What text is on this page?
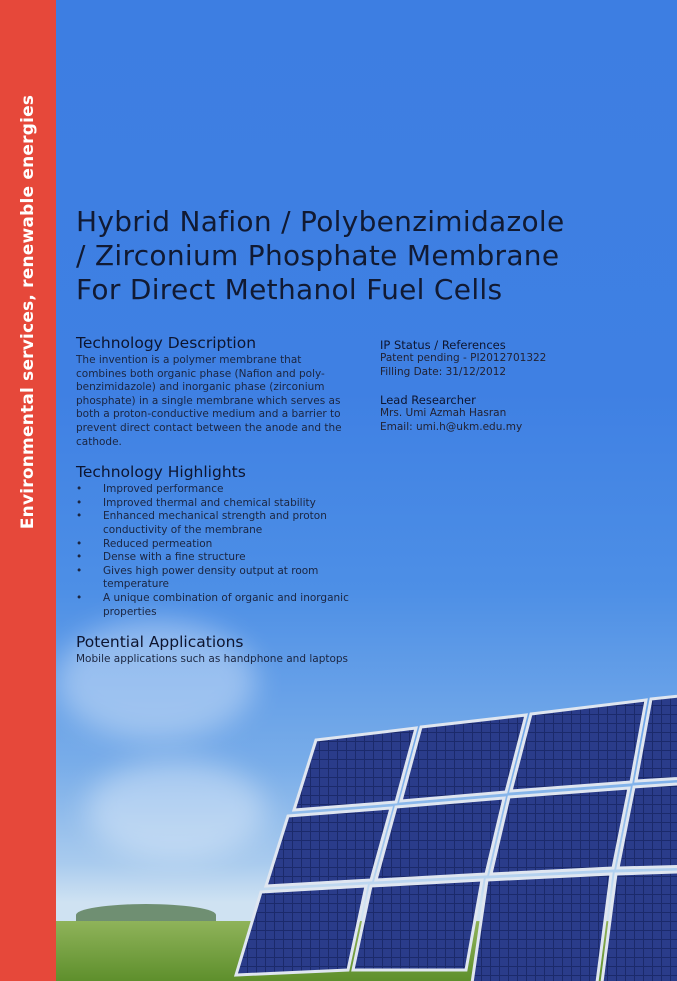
Environmental services, renewable energies Hybrid Nafion / Polybenzimidazole / Zirconium Phosphate Membrane For Direct Methanol Fuel Cells
Technology Description
The invention is a polymer membrane that combines both organic phase (Nafion and poly-benzimidazole) and inorganic phase (zirconium phosphate) in a single membrane which serves as both a proton-conductive medium and a barrier to prevent direct contact between the anode and the cathode.
Technology Highlights
• Improved performance
• Improved thermal and chemical stability
• Enhanced mechanical strength and proton conductivity of the membrane
• Reduced permeation
• Dense with a fine structure
• Gives high power density output at room temperature
• A unique combination of organic and inorganic properties
Potential Applications
Mobile applications such as handphone and laptops
IP Status / References
Patent pending - PI2012701322
Filling Date: 31/12/2012
Lead Researcher
Mrs. Umi Azmah Hasran
Email: umi.h@ukm.edu.my
